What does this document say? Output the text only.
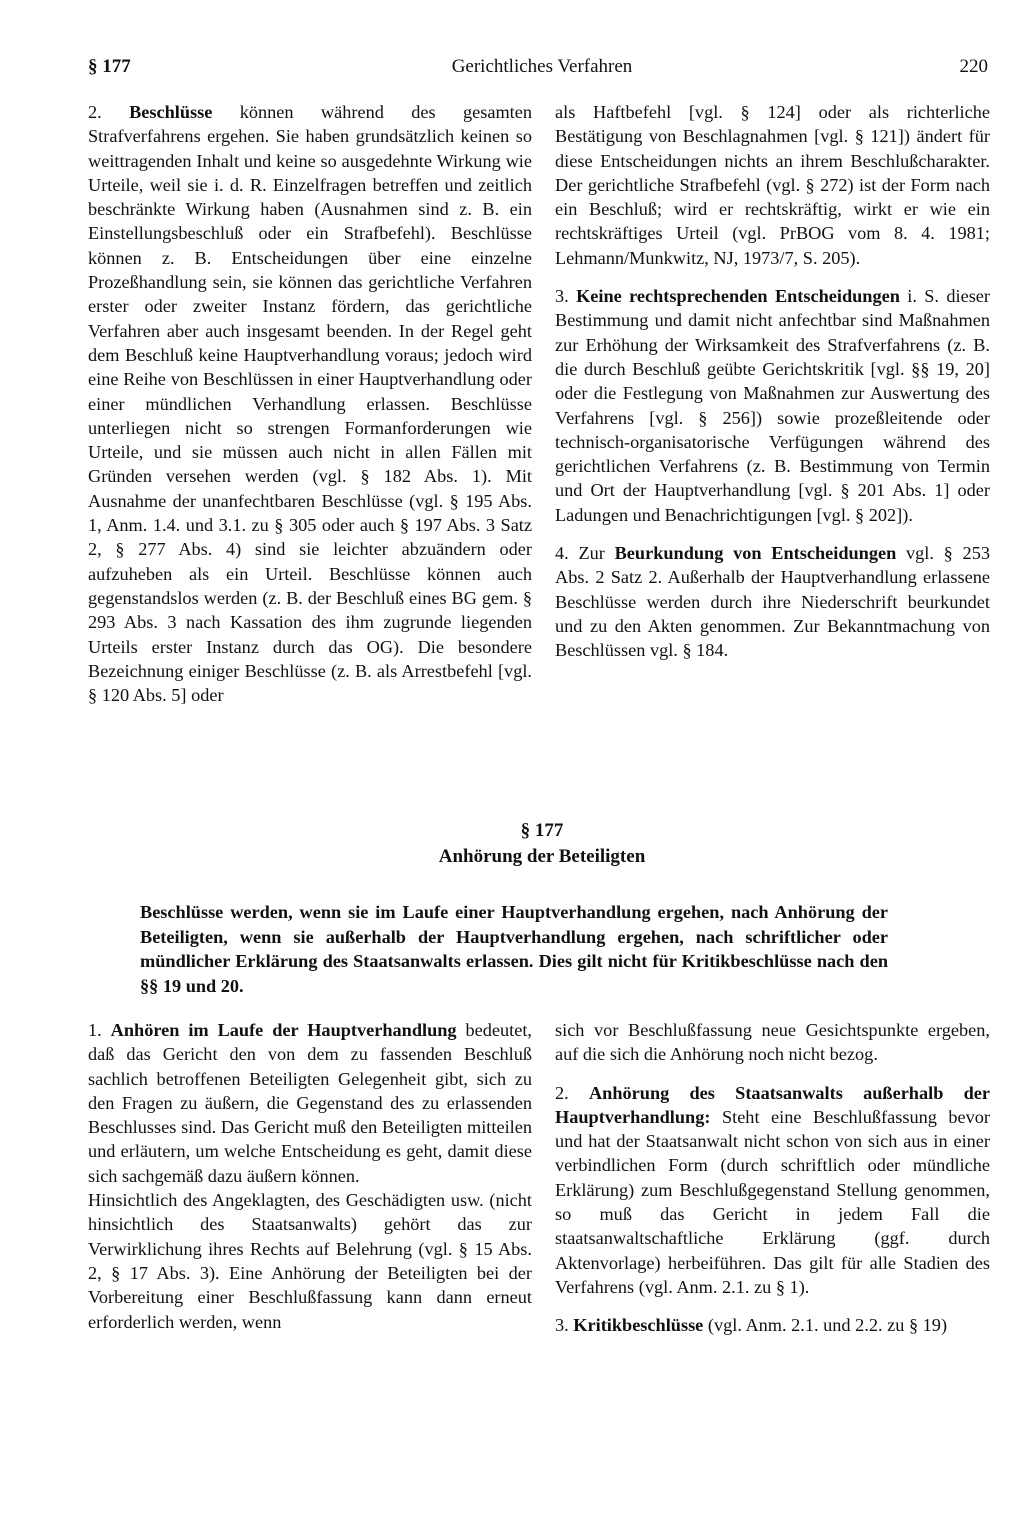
§ 177	Gerichtliches Verfahren	220

2. Beschlüsse können während des gesamten Strafverfahrens ergehen. Sie haben grundsätzlich keinen so weittragenden Inhalt und keine so ausgedehnte Wirkung wie Urteile, weil sie i. d. R. Einzelfragen betreffen und zeitlich beschränkte Wirkung haben (Ausnahmen sind z. B. ein Einstellungsbeschluß oder ein Strafbefehl). Beschlüsse können z. B. Entscheidungen über eine einzelne Prozeßhandlung sein, sie können das gerichtliche Verfahren erster oder zweiter Instanz fördern, das gerichtliche Verfahren aber auch insgesamt beenden. In der Regel geht dem Beschluß keine Hauptverhandlung voraus; jedoch wird eine Reihe von Beschlüssen in einer Hauptverhandlung oder einer mündlichen Verhandlung erlassen. Beschlüsse unterliegen nicht so strengen Formanforderungen wie Urteile, und sie müssen auch nicht in allen Fällen mit Gründen versehen werden (vgl. § 182 Abs. 1). Mit Ausnahme der unanfechtbaren Beschlüsse (vgl. § 195 Abs. 1, Anm. 1.4. und 3.1. zu § 305 oder auch § 197 Abs. 3 Satz 2, § 277 Abs. 4) sind sie leichter abzuändern oder aufzuheben als ein Urteil. Beschlüsse können auch gegenstandslos werden (z. B. der Beschluß eines BG gem. § 293 Abs. 3 nach Kassation des ihm zugrunde liegenden Urteils erster Instanz durch das OG). Die besondere Bezeichnung einiger Beschlüsse (z. B. als Arrestbefehl [vgl. § 120 Abs. 5] oder

als Haftbefehl [vgl. § 124] oder als richterliche Bestätigung von Beschlagnahmen [vgl. § 121]) ändert für diese Entscheidungen nichts an ihrem Beschlußcharakter. Der gerichtliche Strafbefehl (vgl. § 272) ist der Form nach ein Beschluß; wird er rechtskräftig, wirkt er wie ein rechtskräftiges Urteil (vgl. PrBOG vom 8. 4. 1981; Lehmann/Munkwitz, NJ, 1973/7, S. 205).

3. Keine rechtsprechenden Entscheidungen i. S. dieser Bestimmung und damit nicht anfechtbar sind Maßnahmen zur Erhöhung der Wirksamkeit des Strafverfahrens (z. B. die durch Beschluß geübte Gerichtskritik [vgl. §§ 19, 20] oder die Festlegung von Maßnahmen zur Auswertung des Verfahrens [vgl. § 256]) sowie prozeßleitende oder technisch-organisatorische Verfügungen während des gerichtlichen Verfahrens (z. B. Bestimmung von Termin und Ort der Hauptverhandlung [vgl. § 201 Abs. 1] oder Ladungen und Benachrichtigungen [vgl. § 202]).

4. Zur Beurkundung von Entscheidungen vgl. § 253 Abs. 2 Satz 2. Außerhalb der Hauptverhandlung erlassene Beschlüsse werden durch ihre Niederschrift beurkundet und zu den Akten genommen. Zur Bekanntmachung von Beschlüssen vgl. § 184.

§ 177
Anhörung der Beteiligten
Beschlüsse werden, wenn sie im Laufe einer Hauptverhandlung ergehen, nach Anhörung der Beteiligten, wenn sie außerhalb der Hauptverhandlung ergehen, nach schriftlicher oder mündlicher Erklärung des Staatsanwalts erlassen. Dies gilt nicht für Kritikbeschlüsse nach den §§ 19 und 20.

1. Anhören im Laufe der Hauptverhandlung bedeutet, daß das Gericht den von dem zu fassenden Beschluß sachlich betroffenen Beteiligten Gelegenheit gibt, sich zu den Fragen zu äußern, die Gegenstand des zu erlassenden Beschlusses sind. Das Gericht muß den Beteiligten mitteilen und erläutern, um welche Entscheidung es geht, damit diese sich sachgemäß dazu äußern können.

Hinsichtlich des Angeklagten, des Geschädigten usw. (nicht hinsichtlich des Staatsanwalts) gehört das zur Verwirklichung ihres Rechts auf Belehrung (vgl. § 15 Abs. 2, § 17 Abs. 3). Eine Anhörung der Beteiligten bei der Vorbereitung einer Beschlußfassung kann dann erneut erforderlich werden, wenn

sich vor Beschlußfassung neue Gesichtspunkte ergeben, auf die sich die Anhörung noch nicht bezog.

2. Anhörung des Staatsanwalts außerhalb der Hauptverhandlung: Steht eine Beschlußfassung bevor und hat der Staatsanwalt nicht schon von sich aus in einer verbindlichen Form (durch schriftlich oder mündliche Erklärung) zum Beschlußgegenstand Stellung genommen, so muß das Gericht in jedem Fall die staatsanwaltschaftliche Erklärung (ggf. durch Aktenvorlage) herbeiführen. Das gilt für alle Stadien des Verfahrens (vgl. Anm. 2.1. zu § 1).

3. Kritikbeschlüsse (vgl. Anm. 2.1. und 2.2. zu § 19)
